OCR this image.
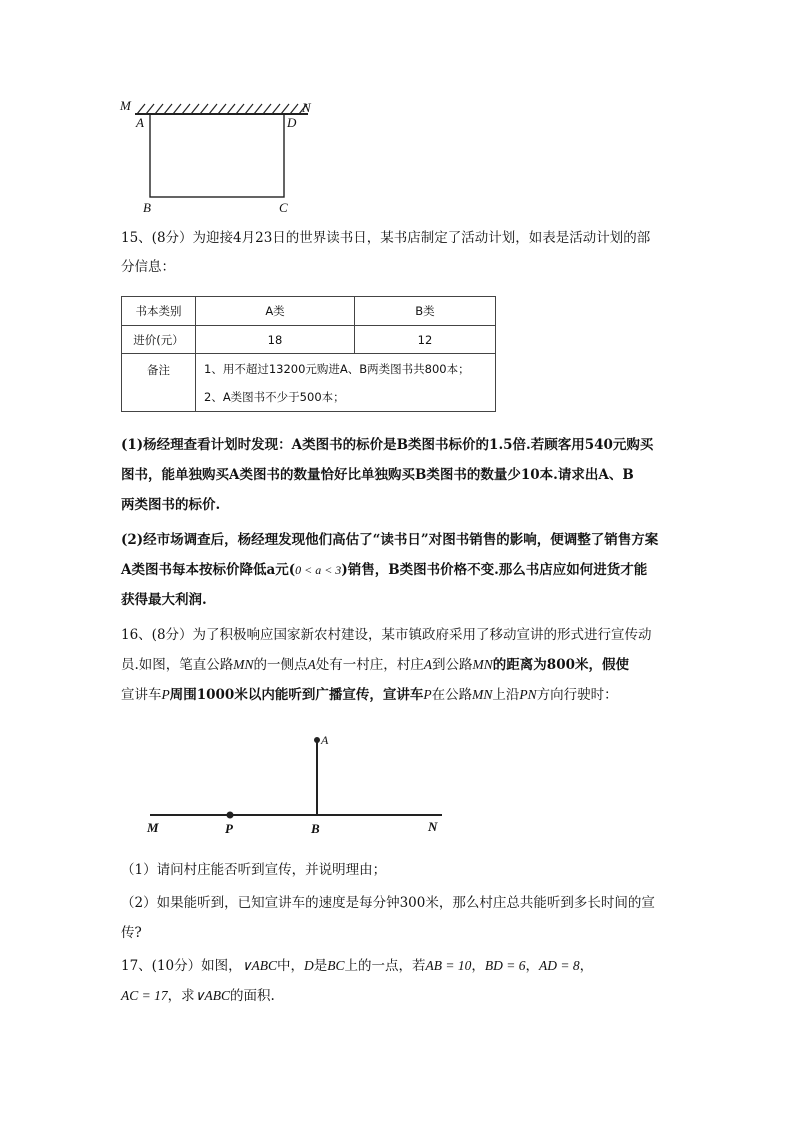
M	N
A	D
B	C
15、(8分）为迎接4月23日的世界读书日，某书店制定了活动计划，如表是活动计划的部
分信息：
书本类别	A类	B类
进价(元）	18	12
备注	1、用不超过13200元购进A、B两类图书共800本；
2、A类图书不少于500本；	
(1)杨经理查看计划时发现：A类图书的标价是B类图书标价的1.5倍.若顾客用540元购买
图书，能单独购买A类图书的数量恰好比单独购买B类图书的数量少10本.请求出A、B
两类图书的标价.
(2)经市场调查后，杨经理发现他们高估了“读书日”对图书销售的影响，便调整了销售方案
A类图书每本按标价降低a元(0 < a < 3)销售，B类图书价格不变.那么书店应如何进货才能
获得最大利润.
16、(8分）为了积极响应国家新农村建设，某市镇政府采用了移动宣讲的形式进行宣传动
员.如图，笔直公路MN的一侧点A处有一村庄，村庄A到公路MN的距离为800米，假使
宣讲车P周围1000米以内能听到广播宣传，宣讲车P在公路MN上沿PN方向行驶时：
A
M	P	B	N
（1）请问村庄能否听到宣传，并说明理由；
（2）如果能听到，已知宣讲车的速度是每分钟300米，那么村庄总共能听到多长时间的宣
传?
17、(10分）如图，∨ABC中，D是BC上的一点，若AB = 10，BD = 6，AD = 8，
AC = 17，求∨ABC的面积.
